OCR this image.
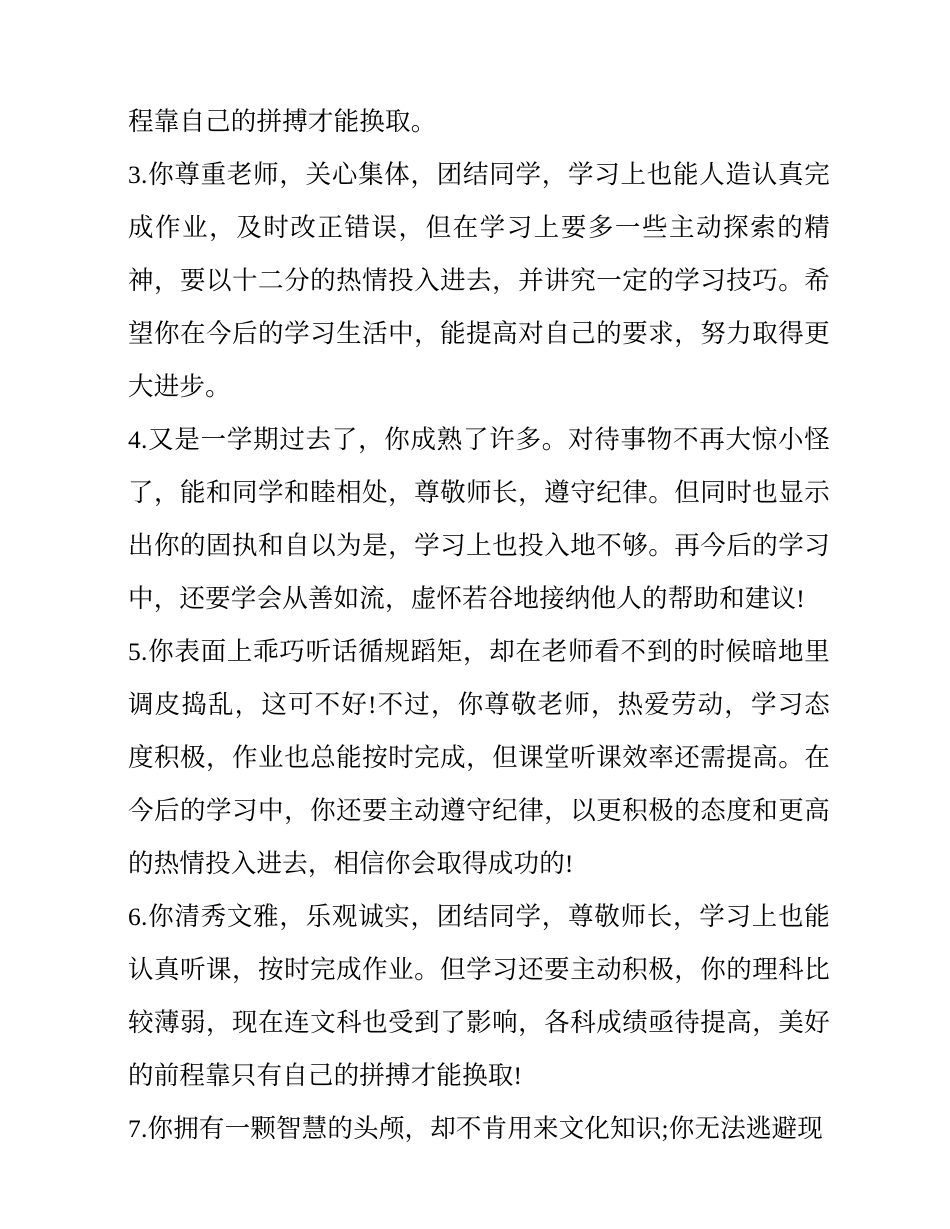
程靠自己的拼搏才能换取。

3.你尊重老师，关心集体，团结同学，学习上也能人造认真完成作业，及时改正错误，但在学习上要多一些主动探索的精神，要以十二分的热情投入进去，并讲究一定的学习技巧。希望你在今后的学习生活中，能提高对自己的要求，努力取得更大进步。

4.又是一学期过去了，你成熟了许多。对待事物不再大惊小怪了，能和同学和睦相处，尊敬师长，遵守纪律。但同时也显示出你的固执和自以为是，学习上也投入地不够。再今后的学习中，还要学会从善如流，虚怀若谷地接纳他人的帮助和建议!

5.你表面上乖巧听话循规蹈矩，却在老师看不到的时候暗地里调皮捣乱，这可不好!不过，你尊敬老师，热爱劳动，学习态度积极，作业也总能按时完成，但课堂听课效率还需提高。在今后的学习中，你还要主动遵守纪律，以更积极的态度和更高的热情投入进去，相信你会取得成功的!

6.你清秀文雅，乐观诚实，团结同学，尊敬师长，学习上也能认真听课，按时完成作业。但学习还要主动积极，你的理科比较薄弱，现在连文科也受到了影响，各科成绩亟待提高，美好的前程靠只有自己的拼搏才能换取!

7.你拥有一颗智慧的头颅，却不肯用来文化知识;你无法逃避现
